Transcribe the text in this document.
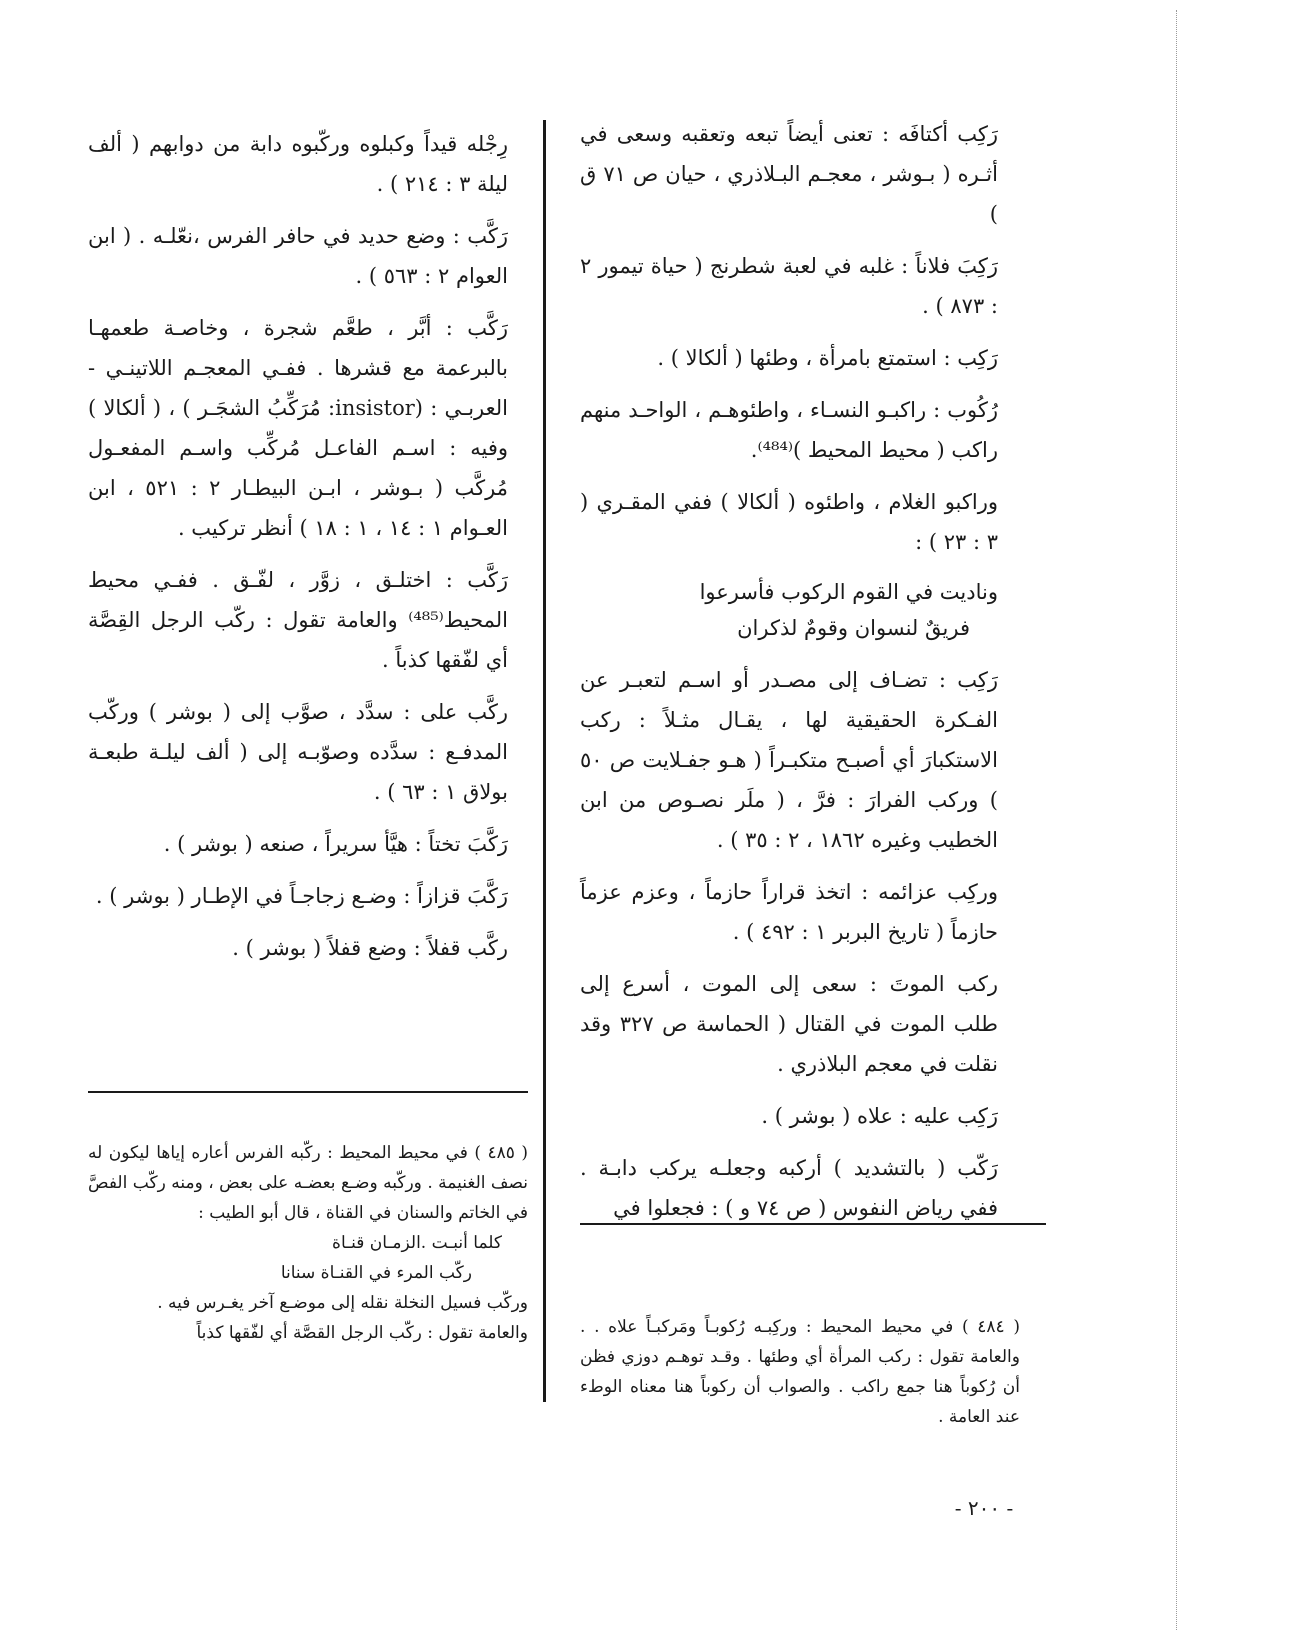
رَكِب أكتافَه : تعنى أيضاً تبعه وتعقبه وسعى في أثـره ( بـوشر ، معجـم البـلاذري ، حيان ص ٧١ ق )
رَكِبَ فلاناً : غلبه في لعبة شطرنج ( حياة تيمور ٢ : ٨٧٣ ) .
رَكِب : استمتع بامرأة ، وطئها ( ألكالا ) .
رُكُوب : راكبـو النسـاء ، واطئوهـم ، الواحـد منهم راكب ( محيط المحيط )⁽⁴⁸⁴⁾.
وراكبو الغلام ، واطئوه ( ألكالا ) ففي المقـري ( ٣ : ٢٣ ) :
وناديت في القوم الركوب فأسرعوا
فريقٌ لنسوان وقومٌ لذكران
رَكِب : تضـاف إلى مصـدر أو اسـم لتعبـر عن الفـكرة الحقيقية لها ، يقـال مثـلاً : ركب الاستكبارَ أي أصبـح متكبـراً ( هـو جفـلايت ص ٥٠ ) وركب الفرارَ : فرَّ ، ( ملَر نصـوص من ابن الخطيب وغيره ١٨٦٢ ، ٢ : ٣٥ ) .
وركِب عزائمه : اتخذ قراراً حازماً ، وعزم عزماً حازماً ( تاريخ البربر ١ : ٤٩٢ ) .
ركب الموتَ : سعى إلى الموت ، أسرع إلى طلب الموت في القتال ( الحماسة ص ٣٢٧ وقد نقلت في معجم البلاذري .
رَكِب عليه : علاه ( بوشر ) .
رَكّب ( بالتشديد ) أركبه وجعلـه يركب دابـة . ففي رياض النفوس ( ص ٧٤ و ) : فجعلوا في
رِجْله قيداً وكبلوه وركّبوه دابة من دوابهم ( ألف ليلة ٣ : ٢١٤ ) .
رَكَّب : وضع حديد في حافر الفرس ،نعّلـه . ( ابن العوام ٢ : ٥٦٣ ) .
رَكَّب : أبَّر ، طعَّم شجرة ، وخاصـة طعمهـا بالبرعمة مع قشرها . ففـي المعجـم اللاتينـي - العربـي : (insistor: مُرَكِّبُ الشجَـر ) ، ( ألكالا ) وفيه : اسـم الفاعـل مُركِّب واسـم المفعـول مُركَّب ( بـوشر ، ابـن البيطـار ٢ : ٥٢١ ، ابن العـوام ١ : ١٤ ، ١ : ١٨ ) أنظر تركيب .
رَكَّب : اختلـق ، زوَّر ، لفّـق . ففـي محيط المحيط⁽⁴⁸⁵⁾ والعامة تقول : ركّب الرجل القِصَّة أي لفّقها كذباً .
ركَّب على : سدَّد ، صوَّب إلى ( بوشر ) وركّب المدفـع : سدَّده وصوّبـه إلى ( ألف ليلـة طبعـة بولاق ١ : ٦٣ ) .
رَكَّبَ تختاً : هيَّأ سريراً ، صنعه ( بوشر ) .
رَكَّبَ قزازاً : وضـع زجاجـاً في الإطـار ( بوشر ) .
ركَّب قفلاً : وضع قفلاً ( بوشر ) .
( ٤٨٥ ) في محيط المحيط : ركّبه الفرس أعاره إياها ليكون له نصف الغنيمة . وركّبه وضـع بعضـه على بعض ، ومنه ركّب الفصَّ في الخاتم والسنان في القناة ، قال أبو الطيب :
كلما أنبـت .الزمـان قنـاة
ركّب المرء في القنـاة سنانا
وركّب فسيل النخلة نقله إلى موضـع آخر يغـرس فيه .
والعامة تقول : ركّب الرجل القصَّة أي لفّقها كذباً	( ٤٨٤ ) في محيط المحيط : وركِبـه رُكوبـاً ومَركبـاً علاه . . والعامة تقول : ركب المرأة أي وطئها . وقـد توهـم دوزي فظن أن رُكوباً هنا جمع راكب . والصواب أن ركوباً هنا معناه الوطء عند العامة .
- ٢٠٠ -
